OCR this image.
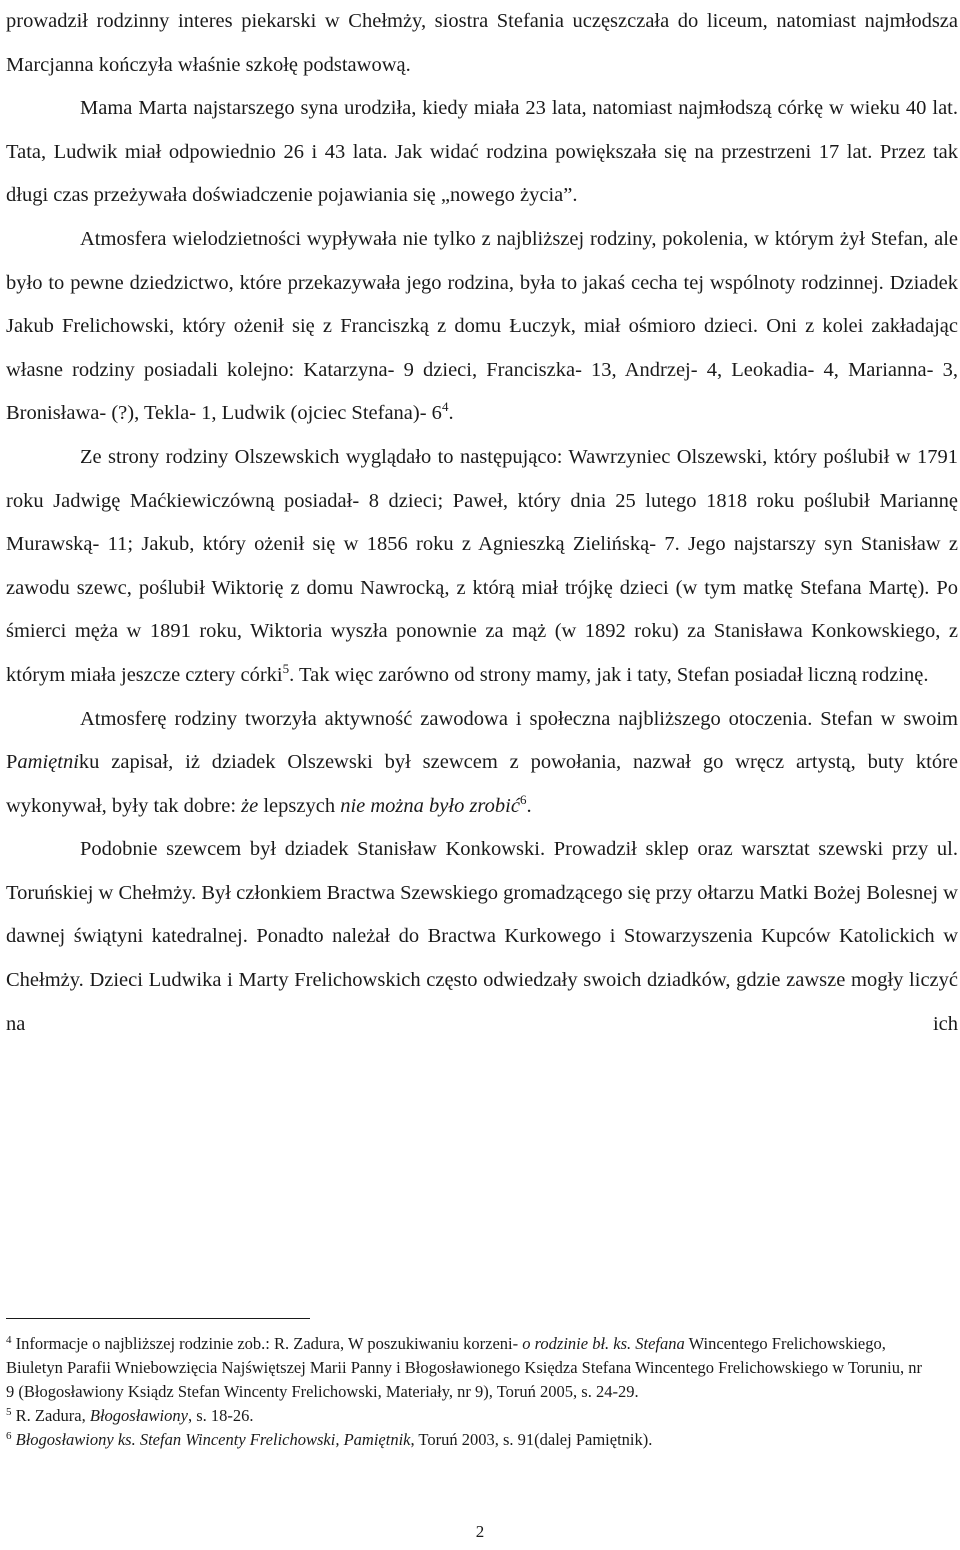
prowadził rodzinny interes piekarski w Chełmży, siostra Stefania uczęszczała do liceum, natomiast najmłodsza Marcjanna kończyła właśnie szkołę podstawową.

Mama Marta najstarszego syna urodziła, kiedy miała 23 lata, natomiast najmłodszą córkę w wieku 40 lat. Tata, Ludwik miał odpowiednio 26 i 43 lata. Jak widać rodzina powiększała się na przestrzeni 17 lat. Przez tak długi czas przeżywała doświadczenie pojawiania się „nowego życia”.

Atmosfera wielodzietności wypływała nie tylko z najbliższej rodziny, pokolenia, w którym żył Stefan, ale było to pewne dziedzictwo, które przekazywała jego rodzina, była to jakaś cecha tej wspólnoty rodzinnej. Dziadek Jakub Frelichowski, który ożenił się z Franciszką z domu Łuczyk, miał ośmioro dzieci. Oni z kolei zakładając własne rodziny posiadali kolejno: Katarzyna- 9 dzieci, Franciszka- 13, Andrzej- 4, Leokadia- 4, Marianna- 3, Bronisława- (?), Tekla- 1, Ludwik (ojciec Stefana)- $6^4$.

Ze strony rodziny Olszewskich wyglądało to następująco: Wawrzyniec Olszewski, który poślubił w 1791 roku Jadwigę Maćkiewiczówną posiadał- 8 dzieci; Paweł, który dnia 25 lutego 1818 roku poślubił Mariannę Murawską- 11; Jakub, który ożenił się w 1856 roku z Agnieszką Zielińską- 7. Jego najstarszy syn Stanisław z zawodu szewc, poślubił Wiktorię z domu Nawrocką, z którą miał trójkę dzieci (w tym matkę Stefana Martę). Po śmierci męża w 1891 roku, Wiktoria wyszła ponownie za mąż (w 1892 roku) za Stanisława Konkowskiego, z którym miała jeszcze cztery córki$^5$. Tak więc zarówno od strony mamy, jak i taty, Stefan posiadał liczną rodzinę.

Atmosferę rodziny tworzyła aktywność zawodowa i społeczna najbliższego otoczenia. Stefan w swoim Pamiętniku zapisał, iż dziadek Olszewski był szewcem z powołania, nazwał go wręcz artystą, buty które wykonywał, były tak dobre: że lepszych nie można było zrobić$^6$.

Podobnie szewcem był dziadek Stanisław Konkowski. Prowadził sklep oraz warsztat szewski przy ul. Toruńskiej w Chełmży. Był członkiem Bractwa Szewskiego gromadzącego się przy ołtarzu Matki Bożej Bolesnej w dawnej świątyni katedralnej. Ponadto należał do Bractwa Kurkowego i Stowarzyszenia Kupców Katolickich w Chełmży. Dzieci Ludwika i Marty Frelichowskich często odwiedzały swoich dziadków, gdzie zawsze mogły liczyć na ich

$^4$ Informacje o najbliższej rodzinie zob.: R. Zadura, W poszukiwaniu korzeni- o rodzinie bł. ks. Stefana Wincentego Frelichowskiego, Biuletyn Parafii Wniebowzięcia Najświętszej Marii Panny i Błogosławionego Księdza Stefana Wincentego Frelichowskiego w Toruniu, nr 9 (Błogosławiony Ksiądz Stefan Wincenty Frelichowski, Materiały, nr 9), Toruń 2005, s. 24-29.

$^5$ R. Zadura, Błogosławiony, s. 18-26.

$^6$ Błogosławiony ks. Stefan Wincenty Frelichowski, Pamiętnik, Toruń 2003, s. 91(dalej Pamiętnik).

2
